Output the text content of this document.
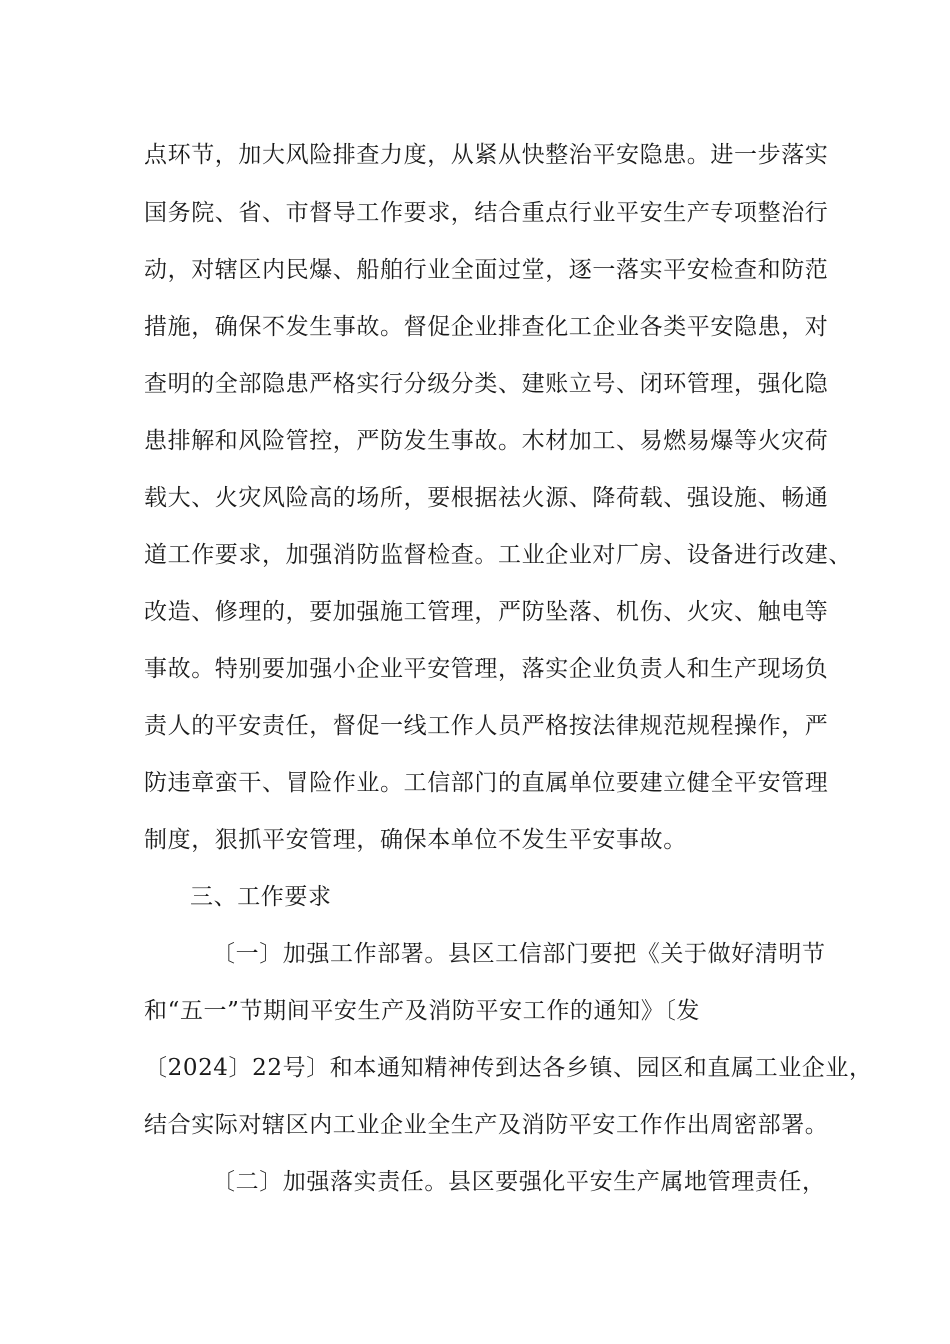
点环节，加大风险排查力度，从紧从快整治平安隐患。进一步落实
国务院、省、市督导工作要求，结合重点行业平安生产专项整治行
动，对辖区内民爆、船舶行业全面过堂，逐一落实平安检查和防范
措施，确保不发生事故。督促企业排查化工企业各类平安隐患，对
查明的全部隐患严格实行分级分类、建账立号、闭环管理，强化隐
患排解和风险管控，严防发生事故。木材加工、易燃易爆等火灾荷
载大、火灾风险高的场所，要根据祛火源、降荷载、强设施、畅通
道工作要求，加强消防监督检查。工业企业对厂房、设备进行改建、
改造、修理的，要加强施工管理，严防坠落、机伤、火灾、触电等
事故。特别要加强小企业平安管理，落实企业负责人和生产现场负
责人的平安责任，督促一线工作人员严格按法律规范规程操作，严
防违章蛮干、冒险作业。工信部门的直属单位要建立健全平安管理
制度，狠抓平安管理，确保本单位不发生平安事故。
三、工作要求
〔一〕加强工作部署。县区工信部门要把《关于做好清明节
和“五一”节期间平安生产及消防平安工作的通知》〔发
〔2024〕22号〕和本通知精神传到达各乡镇、园区和直属工业企业，
结合实际对辖区内工业企业全生产及消防平安工作作出周密部署。
〔二〕加强落实责任。县区要强化平安生产属地管理责任，
